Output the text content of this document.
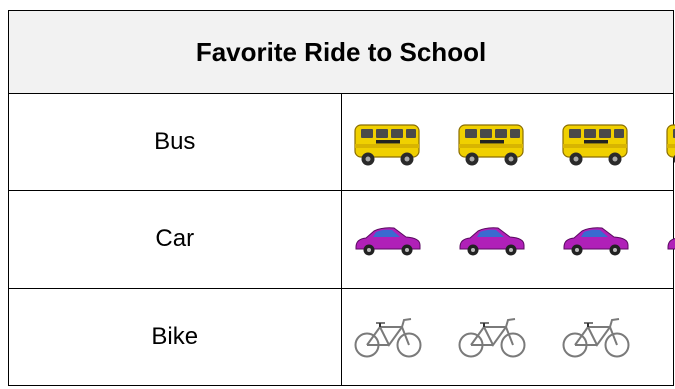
Favorite Ride to School	
Bus	

Car	

Bike	
